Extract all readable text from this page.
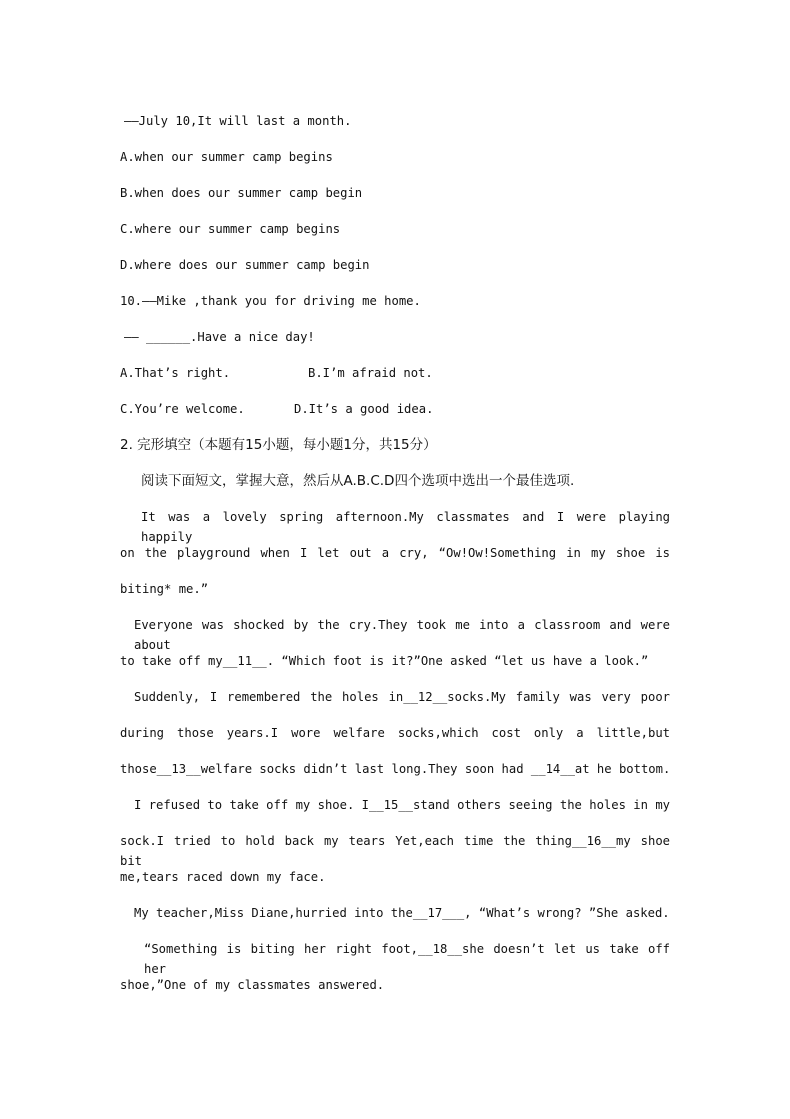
——July 10,It will last a month.
A.when our summer camp begins
B.when does our summer camp begin
C.where our summer camp begins
D.where does our summer camp begin
10.——Mike ,thank you for driving me home.
—— ______.Have a nice day!

A.That’s right.

	B.I’m afraid not.

C.You’re welcome.

	D.It’s a good idea.

2. 完形填空（本题有15小题，每小题1分，共15分）
阅读下面短文，掌握大意，然后从A.B.C.D四个选项中选出一个最佳选项.
It was a lovely spring afternoon.My classmates and I were playing happily
on the playground when I let out a cry, “Ow!Ow!Something in my shoe is
biting* me.”
Everyone was shocked by the cry.They took me into a classroom and were about
to take off my__11__. “Which foot is it?”One asked “let us have a look.”
Suddenly, I remembered the holes in__12__socks.My family was very poor
during those years.I wore welfare socks,which cost only a little,but
those__13__welfare socks didn’t last long.They soon had __14__at he bottom.
I refused to take off my shoe. I__15__stand others seeing the holes in my
sock.I tried to hold back my tears Yet,each time the thing__16__my shoe bit
me,tears raced down my face.
My teacher,Miss Diane,hurried into the__17___, “What’s wrong? ”She asked.
“Something is biting her right foot,__18__she doesn’t let us take off her
shoe,”One of my classmates answered.
